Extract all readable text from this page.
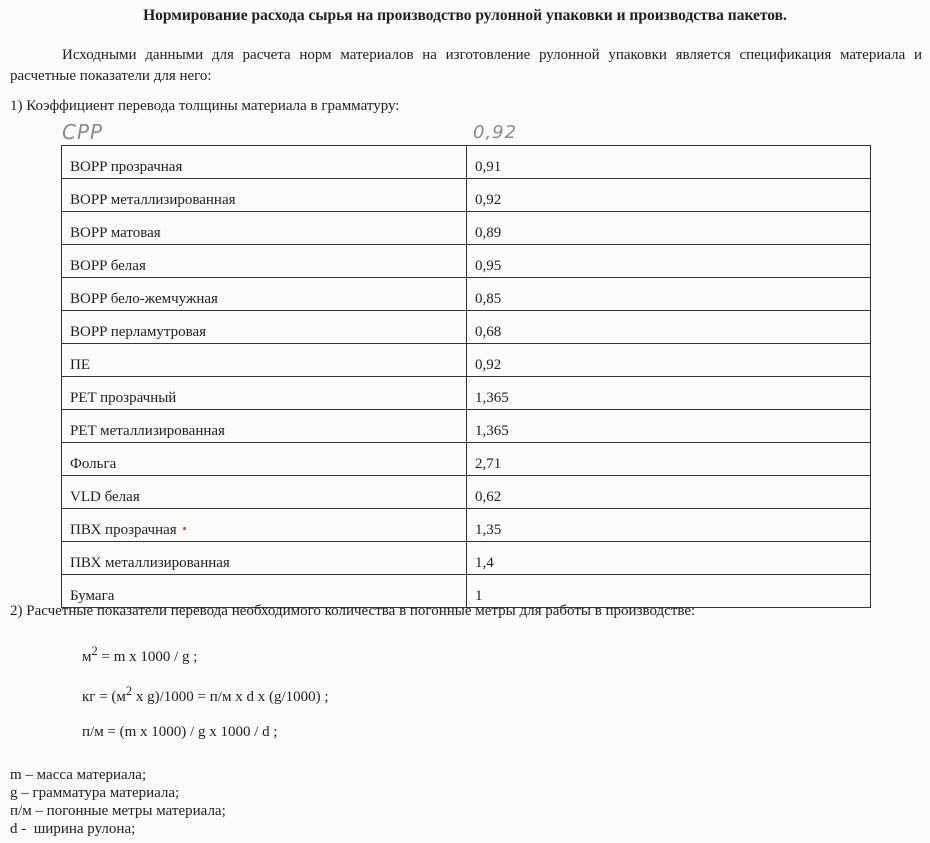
Нормирование расхода сырья на производство рулонной упаковки и производства пакетов.
Исходными данными для расчета норм материалов на изготовление рулонной упаковки является спецификация материала и расчетные показатели для него:
1) Коэффициент перевода толщины материала в грамматуру:
CPP	0,92
BOPP прозрачная	0,91
BOPP металлизированная	0,92
BOPP матовая	0,89
BOPP белая	0,95
BOPP бело-жемчужная	0,85
BOPP перламутровая	0,68
ПЕ	0,92
PET прозрачный	1,365
PET металлизированная	1,365
Фольга	2,71
VLD белая	0,62
ПВХ прозрачная	1,35
ПВХ металлизированная	1,4
Бумага	1
2) Расчетные показатели перевода необходимого количества в погонные метры для работы в производстве:
$м^2 = m$ x 1000 / g ;
кг = ($м^2$ x g)/1000 = п/м x d x (g/1000) ;
п/м = (m x 1000) / g x 1000 / d ;
m – масса материала;
g – грамматура материала;
п/м – погонные метры материала;
d -  ширина рулона;
